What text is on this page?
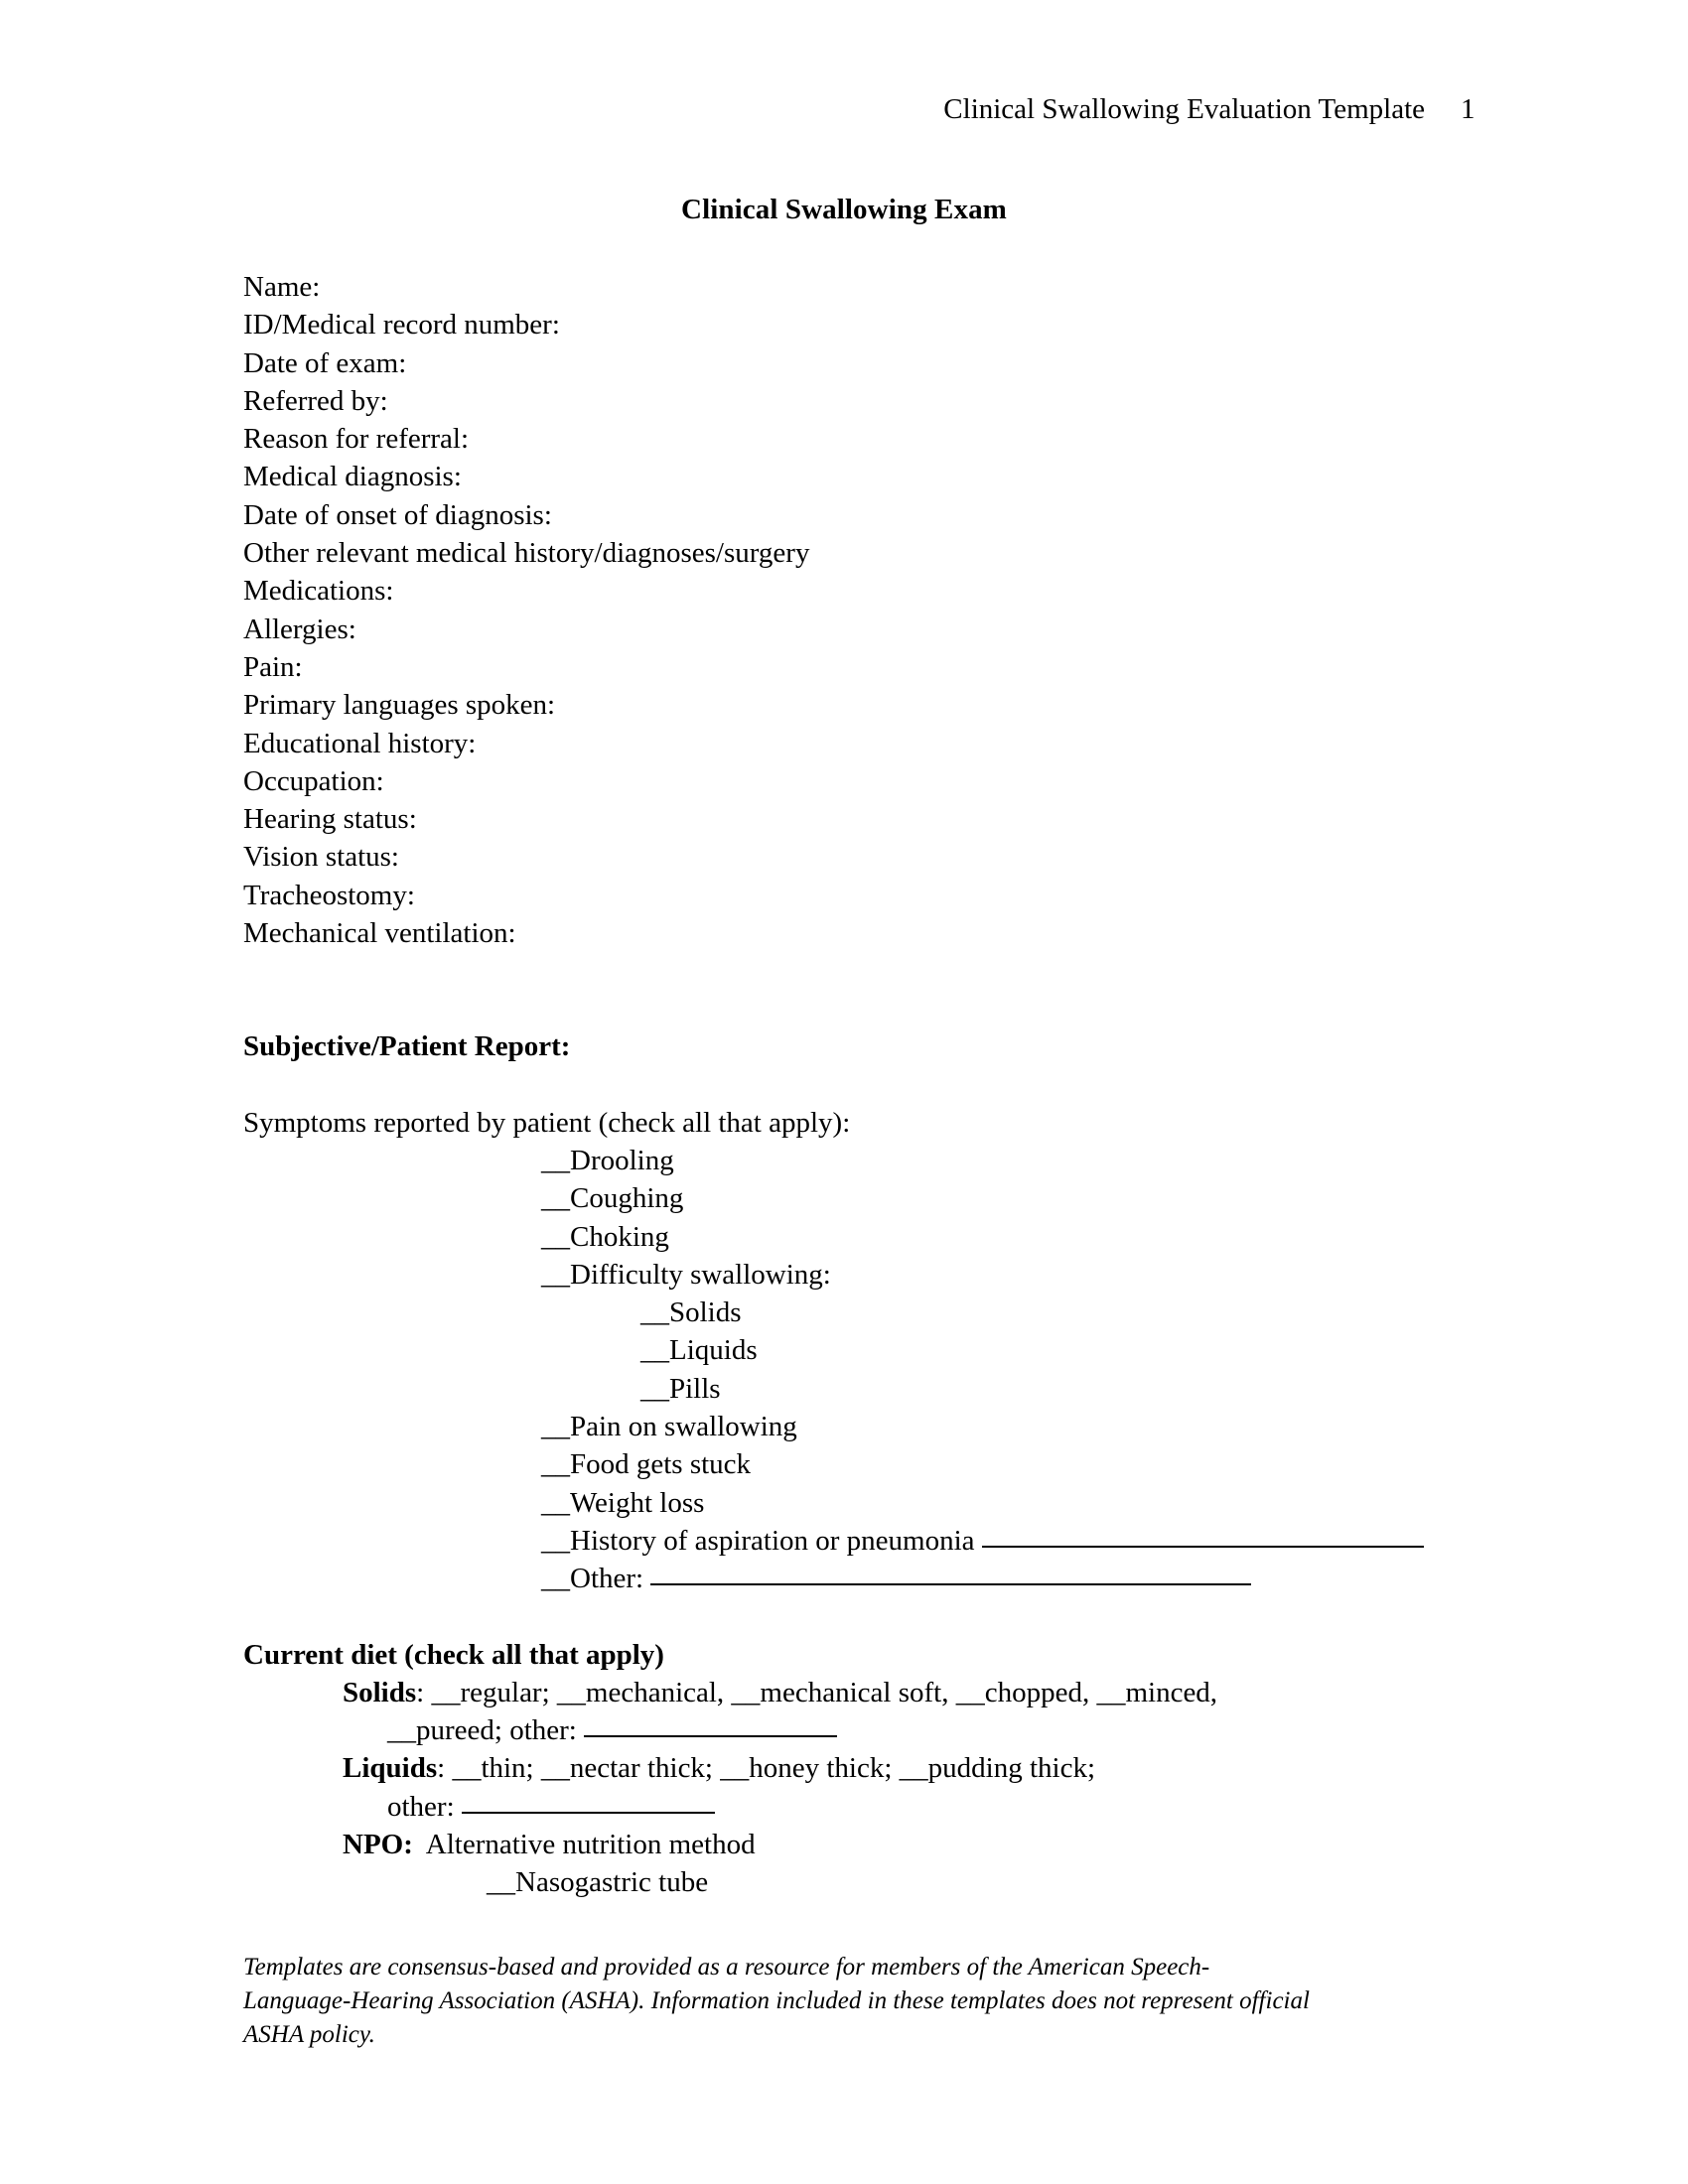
Clinical Swallowing Evaluation Template	1
Clinical Swallowing Exam
Name:
ID/Medical record number:
Date of exam:
Referred by:
Reason for referral:
Medical diagnosis:
Date of onset of diagnosis:
Other relevant medical history/diagnoses/surgery
Medications:
Allergies:
Pain:
Primary languages spoken:
Educational history:
Occupation:
Hearing status:
Vision status:
Tracheostomy:
Mechanical ventilation:
Subjective/Patient Report:
Symptoms reported by patient (check all that apply):
__Drooling
__Coughing
__Choking
__Difficulty swallowing:
__Solids
__Liquids
__Pills
__Pain on swallowing
__Food gets stuck
__Weight loss
__History of aspiration or pneumonia
__Other:
Current diet (check all that apply)
Solids: __regular; __mechanical, __mechanical soft, __chopped, __minced,
__pureed; other:
Liquids: __thin; __nectar thick; __honey thick; __pudding thick;
other:
NPO: Alternative nutrition method
__Nasogastric tube

Templates are consensus-based and provided as a resource for members of the American Speech-

Language-Hearing Association (ASHA). Information included in these templates does not represent official

ASHA policy.
